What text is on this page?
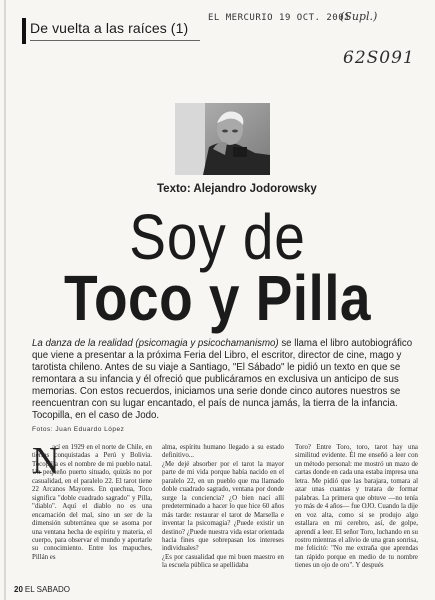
De vuelta a las raíces (1)
EL MERCURIO 19 OCT. 2001
(Supl.)
62S091
Texto: Alejandro Jodorowsky
Soy de
Toco y Pilla
La danza de la realidad (psicomagia y psicochamanismo) se llama el libro autobiográfico que viene a presentar a la próxima Feria del Libro, el escritor, director de cine, mago y tarotista chileno. Antes de su viaje a Santiago, "El Sábado" le pidió un texto en que se remontara a su infancia y él ofreció que publicáramos en exclusiva un anticipo de sus memorias. Con estos recuerdos, iniciamos una serie donde cinco autores nuestros se reencuentran con su lugar encantado, el país de nunca jamás, la tierra de la infancia. Tocopilla, en el caso de Jodo.
Fotos: Juan Eduardo López
N
ací en 1929 en el norte de Chile, en tierras conquistadas a Perú y Bolivia. Tocopilla es el nombre de mi pueblo natal. Un pequeño puerto situado, quizás no por casualidad, en el paralelo 22. El tarot tiene 22 Arcanos Mayores. En quechua, Toco significa "doble cuadrado sagrado" y Pilla, "diablo". Aquí el diablo no es una encarnación del mal, sino un ser de la dimensión subterránea que se asoma por una ventana hecha de espíritu y materia, el cuerpo, para observar el mundo y aportarle su conocimiento. Entre los mapuches, Pillán es
alma, espíritu humano llegado a su estado definitivo...
¿Me dejé absorber por el tarot la mayor parte de mi vida porque había nacido en el paralelo 22, en un pueblo que ma llamado doble cuadrado sagrado, ventana por donde surge la conciencia? ¿O bien nací allí predeterminado a hacer lo que hice 60 años más tarde: restaurar el tarot de Marsella e inventar la psicomagia? ¿Puede existir un destino? ¿Puede nuestra vida estar orientada hacia fines que sobrepasan los intereses individuales?
¿Es por casualidad que mi buen maestro en la escuela pública se apellidaba
Toro? Entre Toro, toro, tarot hay una similitud evidente. Él me enseñó a leer con un método personal: me mostró un mazo de cartas donde en cada una estaba impresa una letra. Me pidió que las barajara, tomara al azar unas cuantas y tratara de formar palabras. La primera que obtuve —no tenía yo más de 4 años— fue OJO. Cuando la dije en voz alta, como si se produjo algo estallara en mi cerebro, así, de golpe, aprendí a leer. El señor Toro, luchando en su rostro mientras el alivio de una gran sonrisa, me felicitó: "No me extraña que aprendas tan rápido porque en medio de tu nombre tienes un ojo de oro". Y después
20 EL SABADO
